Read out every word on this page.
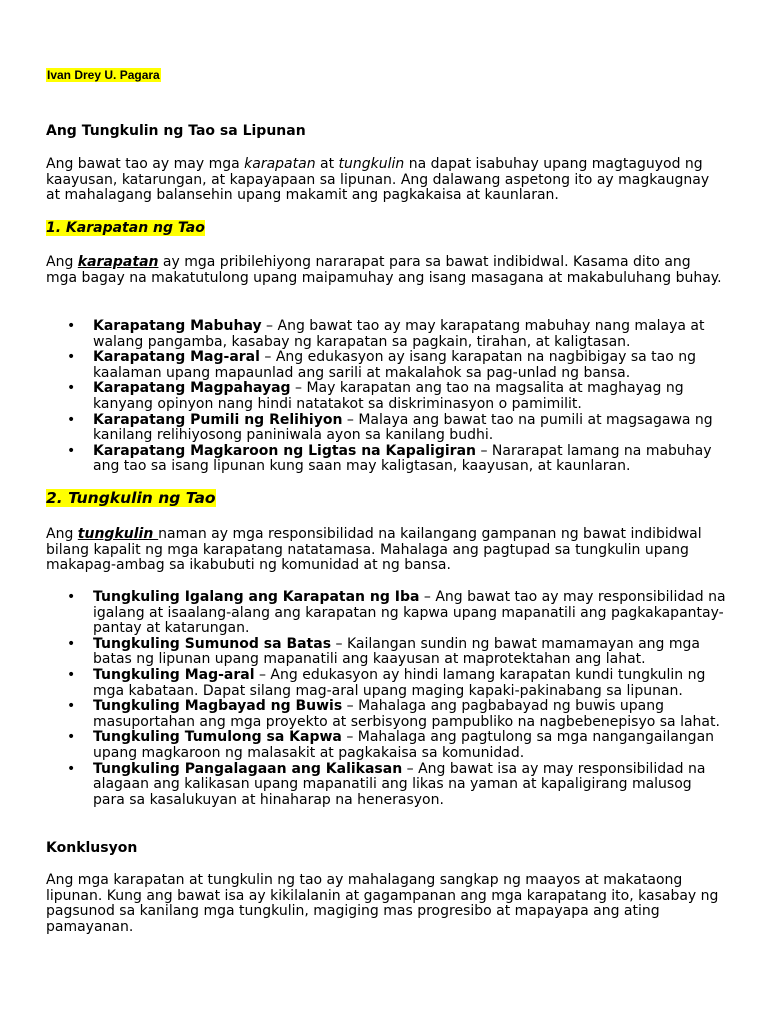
Ivan Drey U. Pagara
Ang Tungkulin ng Tao sa Lipunan

Ang bawat tao ay may mga karapatan at tungkulin na dapat isabuhay upang magtaguyod ng kaayusan, katarungan, at kapayapaan sa lipunan. Ang dalawang aspetong ito ay magkaugnay at mahalagang balansehin upang makamit ang pagkakaisa at kaunlaran.

1. Karapatan ng Tao

Ang karapatan ay mga pribilehiyong nararapat para sa bawat indibidwal. Kasama dito ang mga bagay na makatutulong upang maipamuhay ang isang masagana at makabuluhang buhay.

• Karapatang Mabuhay – Ang bawat tao ay may karapatang mabuhay nang malaya at walang pangamba, kasabay ng karapatan sa pagkain, tirahan, at kaligtasan.
• Karapatang Mag-aral – Ang edukasyon ay isang karapatan na nagbibigay sa tao ng kaalaman upang mapaunlad ang sarili at makalahok sa pag-unlad ng bansa.
• Karapatang Magpahayag – May karapatan ang tao na magsalita at maghayag ng kanyang opinyon nang hindi natatakot sa diskriminasyon o pamimilit.
• Karapatang Pumili ng Relihiyon – Malaya ang bawat tao na pumili at magsagawa ng kanilang relihiyosong paniniwala ayon sa kanilang budhi.
• Karapatang Magkaroon ng Ligtas na Kapaligiran – Nararapat lamang na mabuhay ang tao sa isang lipunan kung saan may kaligtasan, kaayusan, at kaunlaran.
2. Tungkulin ng Tao

Ang tungkulin naman ay mga responsibilidad na kailangang gampanan ng bawat indibidwal bilang kapalit ng mga karapatang natatamasa. Mahalaga ang pagtupad sa tungkulin upang makapag-ambag sa ikabubuti ng komunidad at ng bansa.

• Tungkuling Igalang ang Karapatan ng Iba – Ang bawat tao ay may responsibilidad na igalang at isaalang-alang ang karapatan ng kapwa upang mapanatili ang pagkakapantay-pantay at katarungan.
• Tungkuling Sumunod sa Batas – Kailangan sundin ng bawat mamamayan ang mga batas ng lipunan upang mapanatili ang kaayusan at maprotektahan ang lahat.
• Tungkuling Mag-aral – Ang edukasyon ay hindi lamang karapatan kundi tungkulin ng mga kabataan. Dapat silang mag-aral upang maging kapaki-pakinabang sa lipunan.
• Tungkuling Magbayad ng Buwis – Mahalaga ang pagbabayad ng buwis upang masuportahan ang mga proyekto at serbisyong pampubliko na nagbebenepisyo sa lahat.
• Tungkuling Tumulong sa Kapwa – Mahalaga ang pagtulong sa mga nangangailangan upang magkaroon ng malasakit at pagkakaisa sa komunidad.
• Tungkuling Pangalagaan ang Kalikasan – Ang bawat isa ay may responsibilidad na alagaan ang kalikasan upang mapanatili ang likas na yaman at kapaligirang malusog para sa kasalukuyan at hinaharap na henerasyon.
Konklusyon

Ang mga karapatan at tungkulin ng tao ay mahalagang sangkap ng maayos at makataong lipunan. Kung ang bawat isa ay kikilalanin at gagampanan ang mga karapatang ito, kasabay ng pagsunod sa kanilang mga tungkulin, magiging mas progresibo at mapayapa ang ating pamayanan.
